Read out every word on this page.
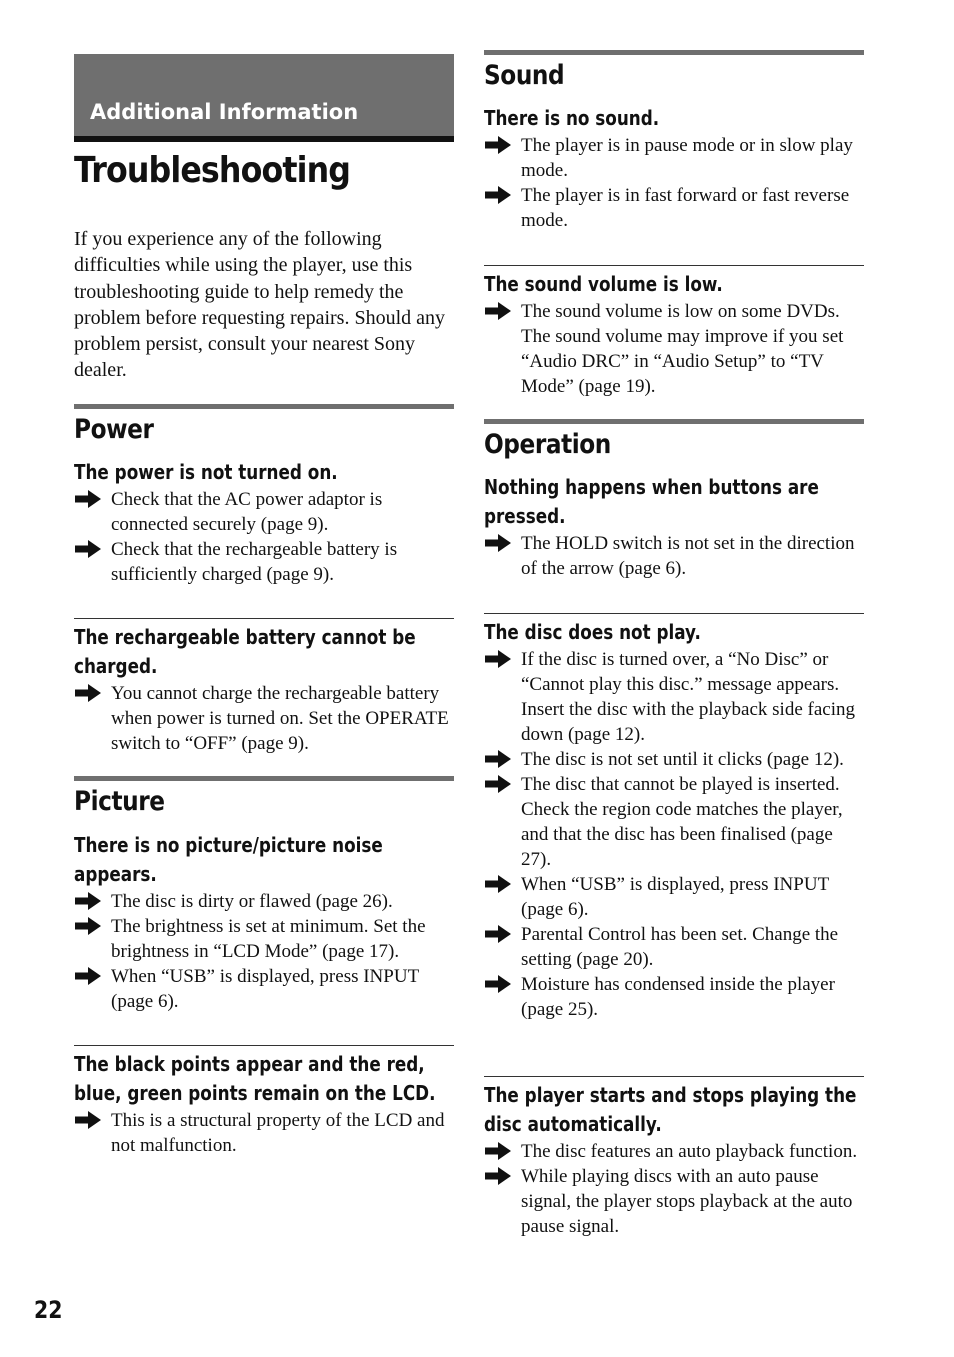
Additional Information
Troubleshooting

If you experience any of the following difficulties while using the player, use this troubleshooting guide to help remedy the problem before requesting repairs. Should any problem persist, consult your nearest Sony dealer.

Power
The power is not turned on.
Check that the AC power adaptor is connected securely (page 9).
Check that the rechargeable battery is sufficiently charged (page 9).
The rechargeable battery cannot be charged.
You cannot charge the rechargeable battery when power is turned on. Set the OPERATE switch to “OFF” (page 9).
Picture
There is no picture/picture noise appears.
The disc is dirty or flawed (page 26).
The brightness is set at minimum. Set the brightness in “LCD Mode” (page 17).
When “USB” is displayed, press INPUT (page 6).
The black points appear and the red, blue, green points remain on the LCD.
This is a structural property of the LCD and not malfunction.
Sound
There is no sound.
The player is in pause mode or in slow play mode.
The player is in fast forward or fast reverse mode.
The sound volume is low.
The sound volume is low on some DVDs. The sound volume may improve if you set “Audio DRC” in “Audio Setup” to “TV Mode” (page 19).
Operation
Nothing happens when buttons are pressed.
The HOLD switch is not set in the direction of the arrow (page 6).
The disc does not play.
If the disc is turned over, a “No Disc” or “Cannot play this disc.” message appears. Insert the disc with the playback side facing down (page 12).
The disc is not set until it clicks (page 12).
The disc that cannot be played is inserted. Check the region code matches the player, and that the disc has been finalised (page 27).
When “USB” is displayed, press INPUT (page 6).
Parental Control has been set. Change the setting (page 20).
Moisture has condensed inside the player (page 25).
The player starts and stops playing the disc automatically.
The disc features an auto playback function.
While playing discs with an auto pause signal, the player stops playback at the auto pause signal.
22
